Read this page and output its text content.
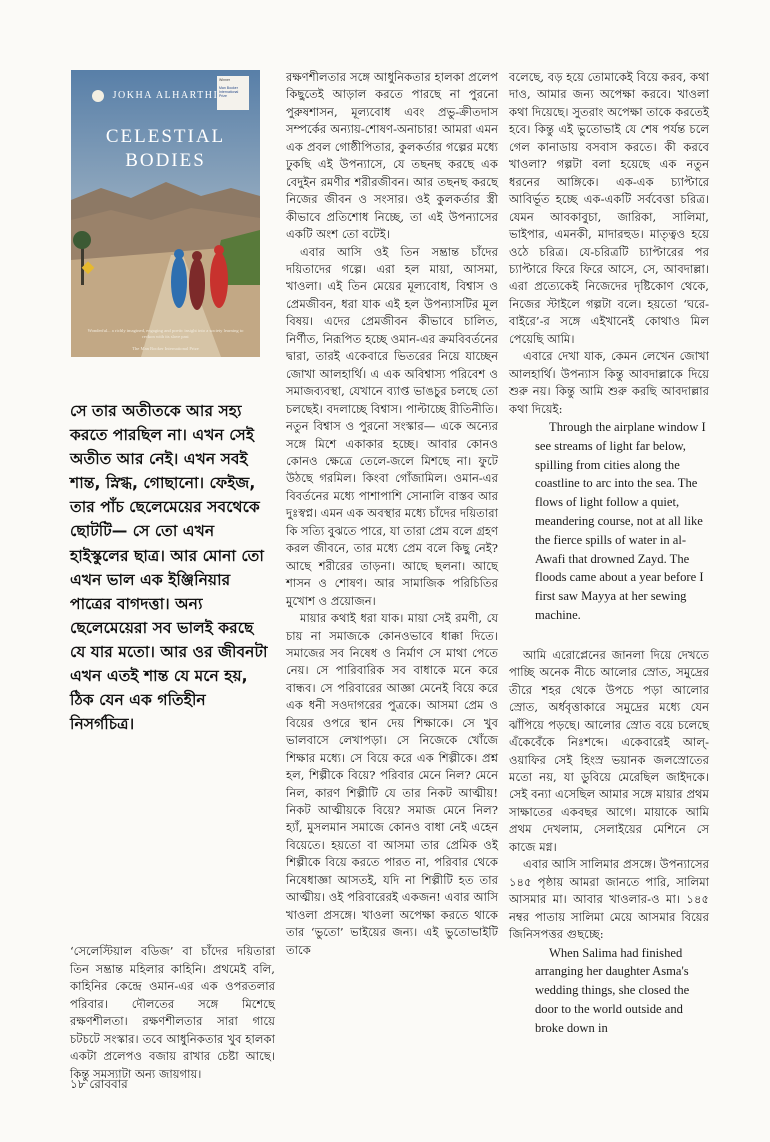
JOKHA ALHARTHI
CELESTIAL
BODIES
Winner
Man Booker International Prize
Wonderful... a richly imagined, engaging and poetic insight into a society learning to reckon with its slave past
The Man Booker International Prize
সে তার অতীতকে আর সহ্য করতে পারছিল না। এখন সেই অতীত আর নেই। এখন সবই শান্ত, স্নিগ্ধ, গোছানো। ফেইজ, তার পাঁচ ছেলেমেয়ের সবথেকে ছোটটি— সে তো এখন হাইস্কুলের ছাত্র। আর মোনা তো এখন ভাল এক ইঞ্জিনিয়ার পাত্রের বাগদত্তা। অন্য ছেলেমেয়েরা সব ভালই করছে যে যার মতো। আর ওর জীবনটা এখন এতই শান্ত যে মনে হয়, ঠিক যেন এক গতিহীন নিসর্গচিত্র।

‘সেলেস্টিয়াল বডিজ’ বা চাঁদের দয়িতারা তিন সম্ভ্রান্ত মহিলার কাহিনি। প্রথমেই বলি, কাহিনির কেন্দ্রে ওমান-এর এক ওপরতলার পরিবার। দৌলতের সঙ্গে মিশেছে রক্ষণশীলতা। রক্ষণশীলতার সারা গায়ে চটচটে সংস্কার। তবে আধুনিকতার খুব হালকা একটা প্রলেপও বজায় রাখার চেষ্টা আছে। কিন্তু সমস্যাটা অন্য জায়গায়।

রক্ষণশীলতার সঙ্গে আধুনিকতার হালকা প্রলেপ কিছুতেই আড়াল করতে পারছে না পুরনো পুরুষশাসন, মূল্যবোধ এবং প্রভু-ক্রীতদাস সম্পর্কের অন্যায়-শোষণ-অনাচার! আমরা এমন এক প্রবল গোষ্ঠীপিতার, কুলকর্তার গল্পের মধ্যে ঢুকছি এই উপন্যাসে, যে তছনছ করছে এক বেদুইন রমণীর শরীরজীবন। আর তছনছ করছে নিজের জীবন ও সংসার। ওই কুলকর্তার স্ত্রী কীভাবে প্রতিশোধ নিচ্ছে, তা এই উপন্যাসের একটি অংশ তো বটেই।

এবার আসি ওই তিন সম্ভ্রান্ত চাঁদের দয়িতাদের গল্পে। এরা হল মায়া, আসমা, খাওলা। এই তিন মেয়ের মূল্যবোধ, বিশ্বাস ও প্রেমজীবন, ধরা যাক এই হল উপন্যাসটির মূল বিষয়। এদের প্রেমজীবন কীভাবে চালিত, নির্ণীত, নিরূপিত হচ্ছে ওমান-এর ক্রমবিবর্তনের দ্বারা, তারই একেবারে ভিতরের নিয়ে যাচ্ছেন জোখা আলহার্থি। এ এক অবিশ্বাস্য পরিবেশ ও সমাজব্যবস্থা, যেখানে ব্যাপ্ত ভাঙচুর চলছে তো চলছেই। বদলাচ্ছে বিশ্বাস। পাল্টাচ্ছে রীতিনীতি। নতুন বিশ্বাস ও পুরনো সংস্কার— একে অন্যের সঙ্গে মিশে একাকার হচ্ছে। আবার কোনও কোনও ক্ষেত্রে তেলে-জলে মিশছে না। ফুটে উঠছে গরমিল। কিংবা গোঁজামিল। ওমান-এর বিবর্তনের মধ্যে পাশাপাশি সোনালি বাস্তব আর দুঃস্বপ্ন। এমন এক অবস্থার মধ্যে চাঁদের দয়িতারা কি সত্যি বুঝতে পারে, যা তারা প্রেম বলে গ্রহণ করল জীবনে, তার মধ্যে প্রেম বলে কিছু নেই? আছে শরীরের তাড়না। আছে ছলনা। আছে শাসন ও শোষণ। আর সামাজিক পরিচিতির মুখোশ ও প্রয়োজন।

মায়ার কথাই ধরা যাক। মায়া সেই রমণী, যে চায় না সমাজকে কোনওভাবে ধাক্কা দিতে। সমাজের সব নিষেধ ও নির্মাণ সে মাথা পেতে নেয়। সে পারিবারিক সব বাধাকে মনে করে বান্ধব। সে পরিবারের আজ্ঞা মেনেই বিয়ে করে এক ধনী সওদাগরের পুত্রকে। আসমা প্রেম ও বিয়ের ওপরে স্থান দেয় শিক্ষাকে। সে খুব ভালবাসে লেখাপড়া। সে নিজেকে খোঁজে শিক্ষার মধ্যে। সে বিয়ে করে এক শিল্পীকে। প্রশ্ন হল, শিল্পীকে বিয়ে? পরিবার মেনে নিল? মেনে নিল, কারণ শিল্পীটি যে তার নিকট আত্মীয়! নিকট আত্মীয়কে বিয়ে? সমাজ মেনে নিল? হ্যাঁ, মুসলমান সমাজে কোনও বাধা নেই এহেন বিয়েতে। হয়তো বা আসমা তার প্রেমিক ওই শিল্পীকে বিয়ে করতে পারত না, পরিবার থেকে নিষেধাজ্ঞা আসতই, যদি না শিল্পীটি হত তার আত্মীয়। ওই পরিবারেরই একজন! এবার আসি খাওলা প্রসঙ্গে। খাওলা অপেক্ষা করতে থাকে তার ‘ভুতো’ ভাইয়ের জন্য। এই ভুতোভাইটি তাকে

বলেছে, বড় হয়ে তোমাকেই বিয়ে করব, কথা দাও, আমার জন্য অপেক্ষা করবে। খাওলা কথা দিয়েছে। সুতরাং অপেক্ষা তাকে করতেই হবে। কিন্তু এই ভুতোভাই যে শেষ পর্যন্ত চলে গেল কানাডায় বসবাস করতে। কী করবে খাওলা? গল্পটা বলা হয়েছে এক নতুন ধরনের আঙ্গিকে। এক-এক চ্যাপ্টারে আবির্ভূত হচ্ছে এক-একটি সর্ববেত্তা চরিত্র। যেমন আবকাবুচা, জারিকা, সালিমা, ভাইপার, এমনকী, মাদারহুড। মাতৃত্বও হয়ে ওঠে চরিত্র। যে-চরিত্রটি চ্যাপ্টারের পর চ্যাপ্টারে ফিরে ফিরে আসে, সে, আবদাল্লা। এরা প্রত্যেকেই নিজেদের দৃষ্টিকোণ থেকে, নিজের স্টাইলে গল্পটা বলে। হয়তো ‘ঘরে-বাইরে’-র সঙ্গে এইখানেই কোথাও মিল পেয়েছি আমি।

এবারে দেখা যাক, কেমন লেখেন জোখা আলহার্থি। উপন্যাস কিন্তু আবদাল্লাকে দিয়ে শুরু নয়। কিন্তু আমি শুরু করছি আবদাল্লার কথা দিয়েই:

Through the airplane window I see streams of light far below, spilling from cities along the coastline to arc into the sea. The flows of light follow a quiet, meandering course, not at all like the fierce spills of water in al-Awafi that drowned Zayd. The floods came about a year before I first saw Mayya at her sewing machine.

আমি এরোপ্লেনের জানলা দিয়ে দেখতে পাচ্ছি অনেক নীচে আলোর স্রোত, সমুদ্রের তীরে শহর থেকে উপচে পড়া আলোর স্রোত, অর্ধবৃত্তাকারে সমুদ্রের মধ্যে যেন ঝাঁপিয়ে পড়ছে। আলোর স্রোত বয়ে চলেছে এঁকেবেঁকে নিঃশব্দে। একেবারেই আল্-ওয়াফির সেই হিংস্র ভয়ানক জলস্রোতের মতো নয়, যা ডুবিয়ে মেরেছিল জাইদকে। সেই বন্যা এসেছিল আমার সঙ্গে মায়ার প্রথম সাক্ষাতের একবছর আগে। মায়াকে আমি প্রথম দেখলাম, সেলাইয়ের মেশিনে সে কাজে মগ্ন।

এবার আসি সালিমার প্রসঙ্গে। উপন্যাসের ১৪৫ পৃষ্ঠায় আমরা জানতে পারি, সালিমা আসমার মা। আবার খাওলার-ও মা। ১৪৫ নম্বর পাতায় সালিমা মেয়ে আসমার বিয়ের জিনিসপত্তর গুছচ্ছে:

When Salima had finished arranging her daughter Asma's wedding things, she closed the door to the world outside and broke down in

১৮ রোববার
